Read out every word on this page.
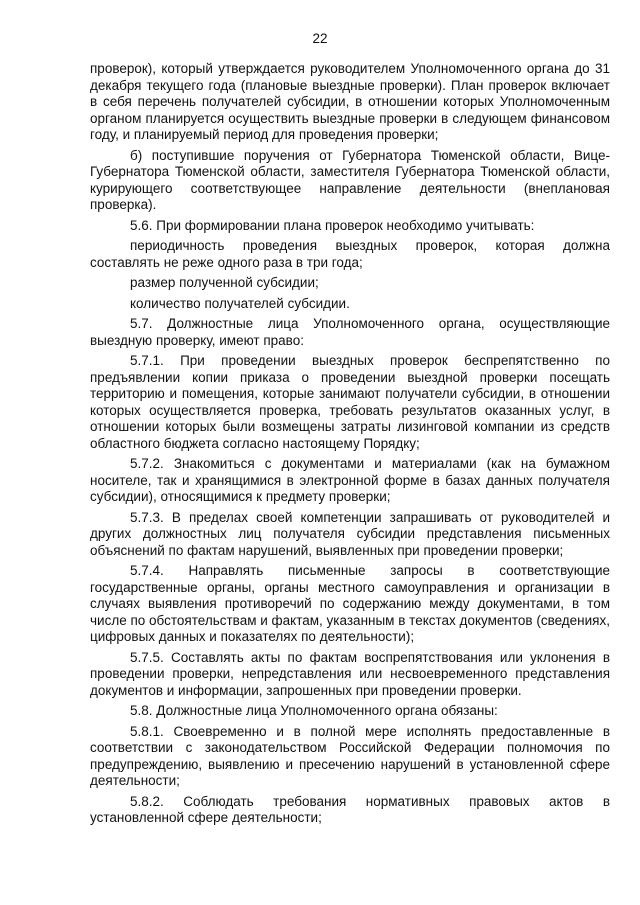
22

проверок), который утверждается руководителем Уполномоченного органа до 31 декабря текущего года (плановые выездные проверки). План проверок включает в себя перечень получателей субсидии, в отношении которых Уполномоченным органом планируется осуществить выездные проверки в следующем финансовом году, и планируемый период для проведения проверки;

б) поступившие поручения от Губернатора Тюменской области, Вице-Губернатора Тюменской области, заместителя Губернатора Тюменской области, курирующего соответствующее направление деятельности (внеплановая проверка).

5.6. При формировании плана проверок необходимо учитывать:

периодичность проведения выездных проверок, которая должна составлять не реже одного раза в три года;

размер полученной субсидии;

количество получателей субсидии.

5.7. Должностные лица Уполномоченного органа, осуществляющие выездную проверку, имеют право:

5.7.1. При проведении выездных проверок беспрепятственно по предъявлении копии приказа о проведении выездной проверки посещать территорию и помещения, которые занимают получатели субсидии, в отношении которых осуществляется проверка, требовать результатов оказанных услуг, в отношении которых были возмещены затраты лизинговой компании из средств областного бюджета согласно настоящему Порядку;

5.7.2. Знакомиться с документами и материалами (как на бумажном носителе, так и хранящимися в электронной форме в базах данных получателя субсидии), относящимися к предмету проверки;

5.7.3. В пределах своей компетенции запрашивать от руководителей и других должностных лиц получателя субсидии представления письменных объяснений по фактам нарушений, выявленных при проведении проверки;

5.7.4. Направлять письменные запросы в соответствующие государственные органы, органы местного самоуправления и организации в случаях выявления противоречий по содержанию между документами, в том числе по обстоятельствам и фактам, указанным в текстах документов (сведениях, цифровых данных и показателях по деятельности);

5.7.5. Составлять акты по фактам воспрепятствования или уклонения в проведении проверки, непредставления или несвоевременного представления документов и информации, запрошенных при проведении проверки.

5.8. Должностные лица Уполномоченного органа обязаны:

5.8.1. Своевременно и в полной мере исполнять предоставленные в соответствии с законодательством Российской Федерации полномочия по предупреждению, выявлению и пресечению нарушений в установленной сфере деятельности;

5.8.2. Соблюдать требования нормативных правовых актов в установленной сфере деятельности;
